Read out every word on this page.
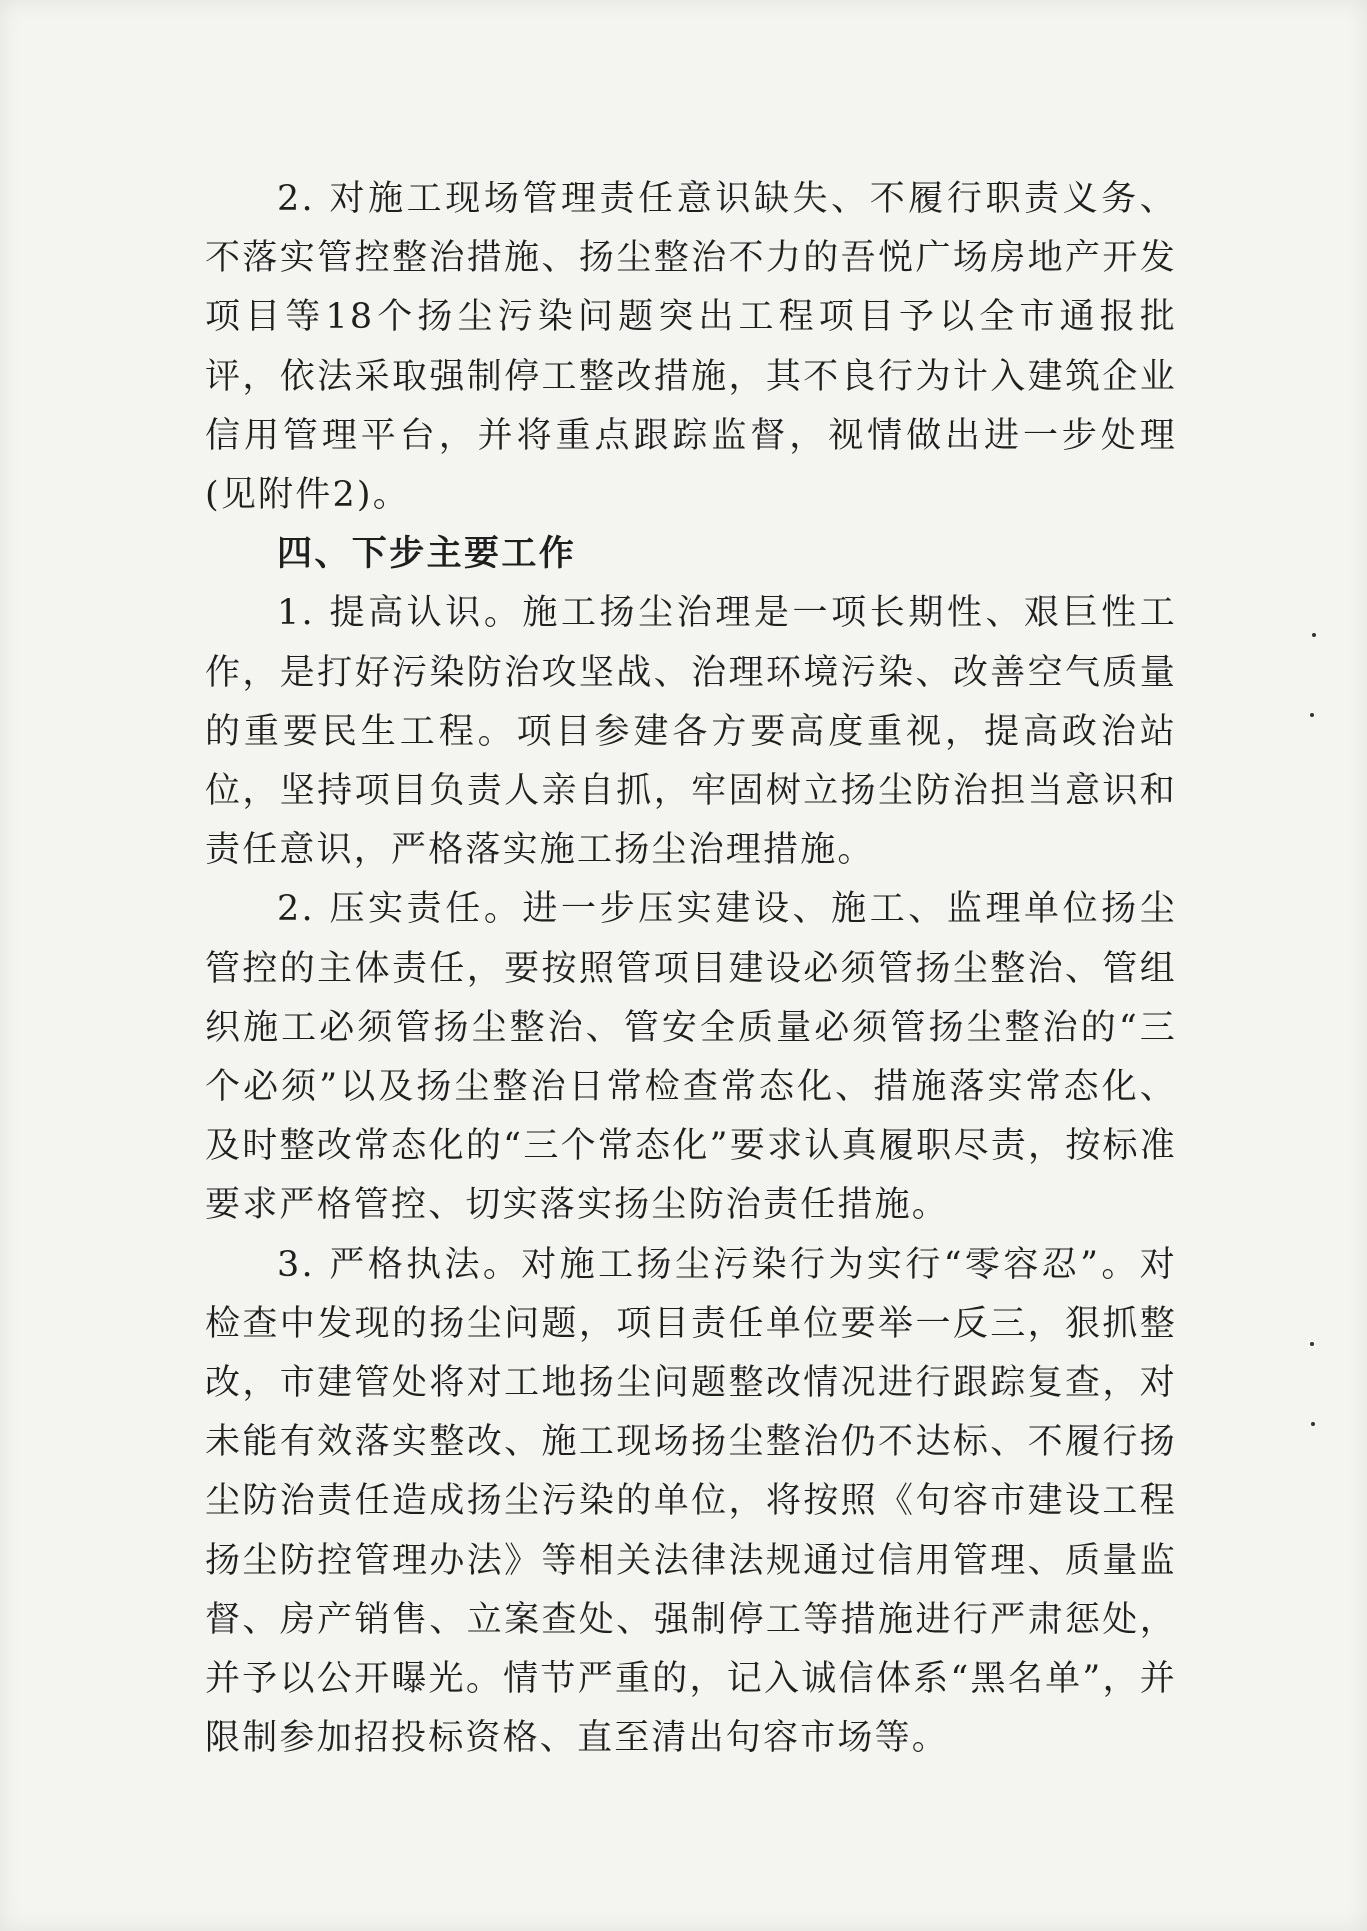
2. 对施工现场管理责任意识缺失、不履行职责义务、不落实管控整治措施、扬尘整治不力的吾悦广场房地产开发项目等18个扬尘污染问题突出工程项目予以全市通报批评，依法采取强制停工整改措施，其不良行为计入建筑企业信用管理平台，并将重点跟踪监督，视情做出进一步处理(见附件2)。

四、下步主要工作

1. 提高认识。施工扬尘治理是一项长期性、艰巨性工作，是打好污染防治攻坚战、治理环境污染、改善空气质量的重要民生工程。项目参建各方要高度重视，提高政治站位，坚持项目负责人亲自抓，牢固树立扬尘防治担当意识和责任意识，严格落实施工扬尘治理措施。

2. 压实责任。进一步压实建设、施工、监理单位扬尘管控的主体责任，要按照管项目建设必须管扬尘整治、管组织施工必须管扬尘整治、管安全质量必须管扬尘整治的“三个必须”以及扬尘整治日常检查常态化、措施落实常态化、及时整改常态化的“三个常态化”要求认真履职尽责，按标准要求严格管控、切实落实扬尘防治责任措施。

3. 严格执法。对施工扬尘污染行为实行“零容忍”。对检查中发现的扬尘问题，项目责任单位要举一反三，狠抓整改，市建管处将对工地扬尘问题整改情况进行跟踪复查，对未能有效落实整改、施工现场扬尘整治仍不达标、不履行扬尘防治责任造成扬尘污染的单位，将按照《句容市建设工程扬尘防控管理办法》等相关法律法规通过信用管理、质量监督、房产销售、立案查处、强制停工等措施进行严肃惩处，并予以公开曝光。情节严重的，记入诚信体系“黑名单”，并限制参加招投标资格、直至清出句容市场等。
